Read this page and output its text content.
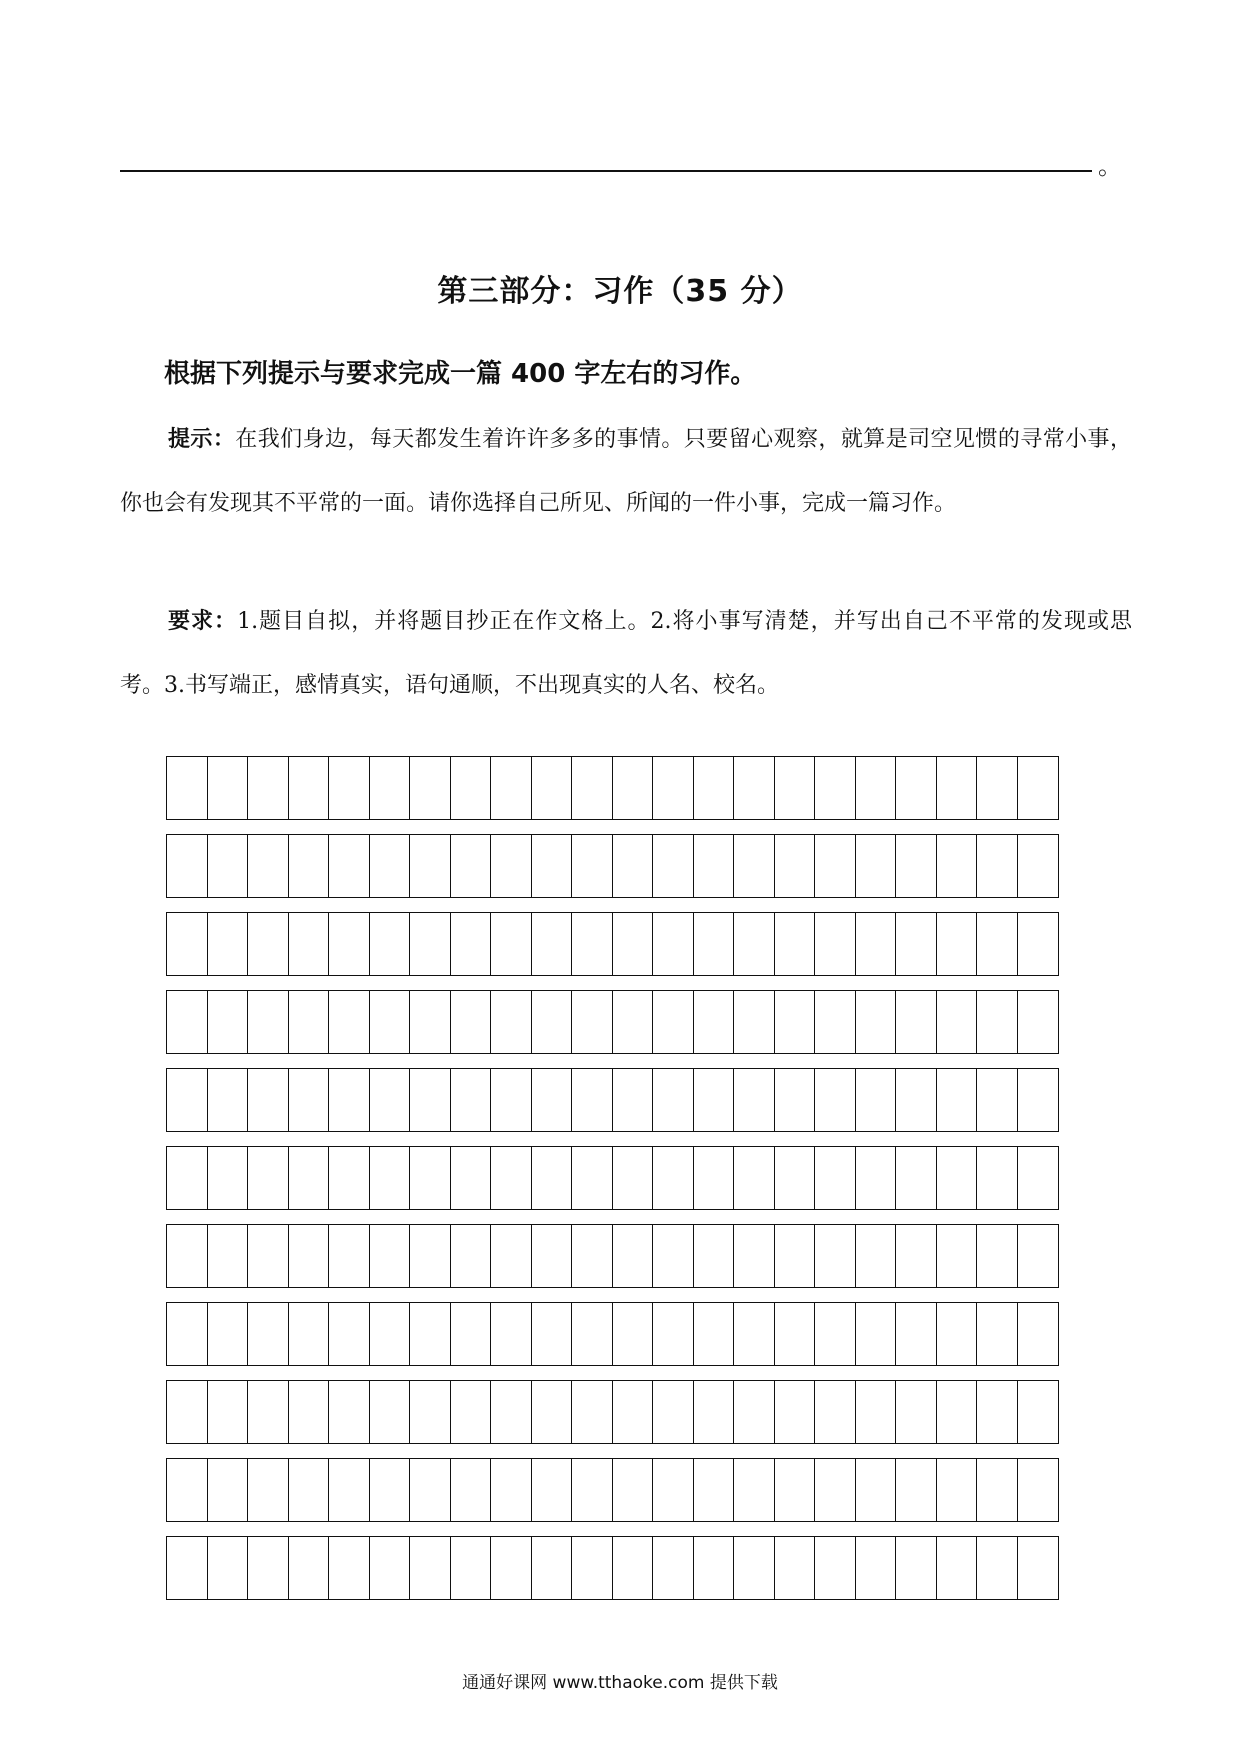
。
第三部分：习作（35 分）
根据下列提示与要求完成一篇 400 字左右的习作。
提示：在我们身边，每天都发生着许许多多的事情。只要留心观察，就算是司空见惯的寻常小事，你也会有发现其不平常的一面。请你选择自己所见、所闻的一件小事，完成一篇习作。
要求：1.题目自拟，并将题目抄正在作文格上。2.将小事写清楚，并写出自己不平常的发现或思考。3.书写端正，感情真实，语句通顺，不出现真实的人名、校名。
通通好课网 www.tthaoke.com 提供下载
